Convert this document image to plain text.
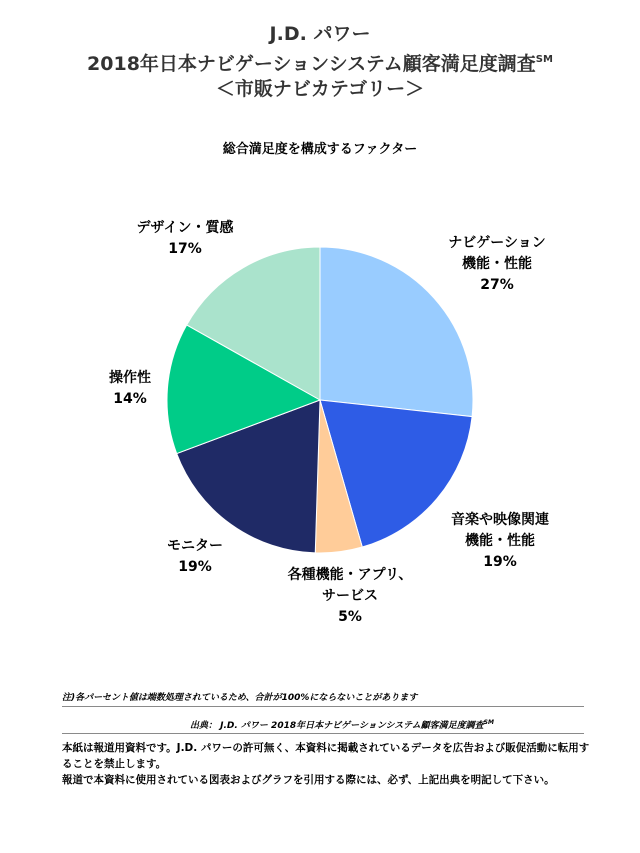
J.D. パワー
2018年日本ナビゲーションシステム顧客満足度調査℠
＜市販ナビカテゴリー＞
総合満足度を構成するファクター
ナビゲーション
機能・性能
27%
音楽や映像関連
機能・性能
19%
各種機能・アプリ、
サービス
5%
モニター
19%
操作性
14%
デザイン・質感
17%
注)各パーセント値は端数処理されているため、合計が100%にならないことがあります
出典： J.D. パワー 2018年日本ナビゲーションシステム顧客満足度調査℠
本紙は報道用資料です。J.D. パワーの許可無く、本資料に掲載されているデータを広告および販促活動に転用することを禁止します。
報道で本資料に使用されている図表およびグラフを引用する際には、必ず、上記出典を明記して下さい。
